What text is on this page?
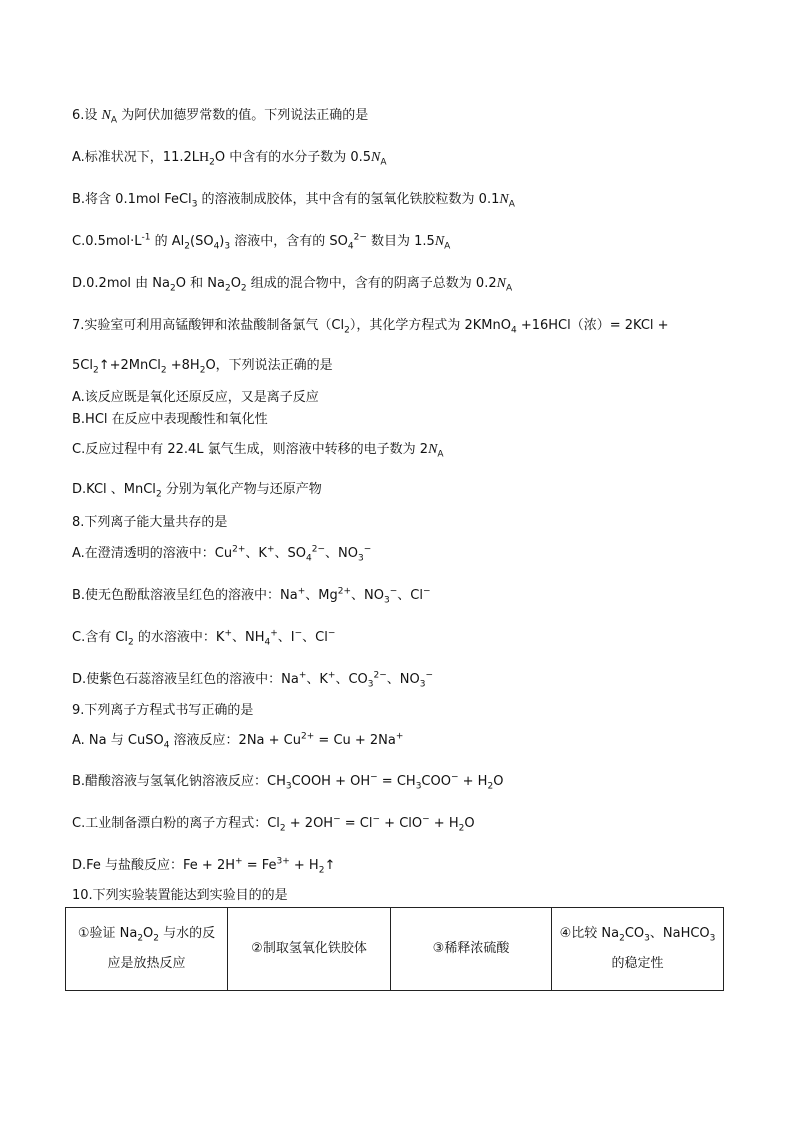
6.设 $N_A$ 为阿伏加德罗常数的值。下列说法正确的是
A.标准状况下，$11.2LH_2O$ 中含有的水分子数为 $0.5N_A$
B.将含 0.1mol FeCl$_3$ 的溶液制成胶体，其中含有的氢氧化铁胶粒数为 $0.1N_A$
$C.0.5mol\cdot L^{-1}$ 的 $Al_2(SO_4)_3$ 溶液中，含有的 $SO_4^{2-}$ 数目为 $1.5N_A$
D.0.2mol 由 $Na_2O$ 和 $Na_2O_2$ 组成的混合物中，含有的阴离子总数为 $0.2N_A$
7.实验室可利用高锰酸钾和浓盐酸制备氯气$(Cl_2)$，其化学方程式为 2KMnO$_4$ +16HCl（浓）= 2KCl +
$5Cl_2↑+2MnCl_2 +8H_2O$，下列说法正确的是
A.该反应既是氧化还原反应，又是离子反应
B.HCl 在反应中表现酸性和氧化性
C.反应过程中有 22.4L 氯气生成，则溶液中转移的电子数为 $2N_A$
D.KCl 、MnCl$_2$ 分别为氧化产物与还原产物
8.下列离子能大量共存的是
A.在澄清透明的溶液中：$Cu^{2+}$、K+、$SO_4^{2-}$、$NO_3^-$
B.使无色酚酞溶液呈红色的溶液中：Na+、$Mg^{2+}$、$NO_3^-$、Cl−
C.含有 $Cl_2$ 的水溶液中：K+、$NH_4^+$、I−、Cl−
D.使紫色石蕊溶液呈红色的溶液中：Na+、K+、$CO_3^{2-}$、$NO_3^-$
9.下列离子方程式书写正确的是
A. Na 与 CuSO$_4$ 溶液反应：$2Na + Cu^{2+} = Cu + 2Na^+$
B.醋酸溶液与氢氧化钠溶液反应：$CH_3COOH + OH^- = CH_3COO^- + H_2O$
C.工业制备漂白粉的离子方程式：$Cl_2 + 2OH^- = Cl^- + ClO^- + H_2O$
D.Fe 与盐酸反应：$Fe + 2H^+ = Fe^{3+}$ + $H_2↑$
10.下列实验装置能达到实验目的的是
①验证 $Na_2O_2$ 与水的反应是放热反应	②制取氢氧化铁胶体	③稀释浓硫酸	④比较 $Na_2CO_3$、NaHCO$_3$ 的稳定性
